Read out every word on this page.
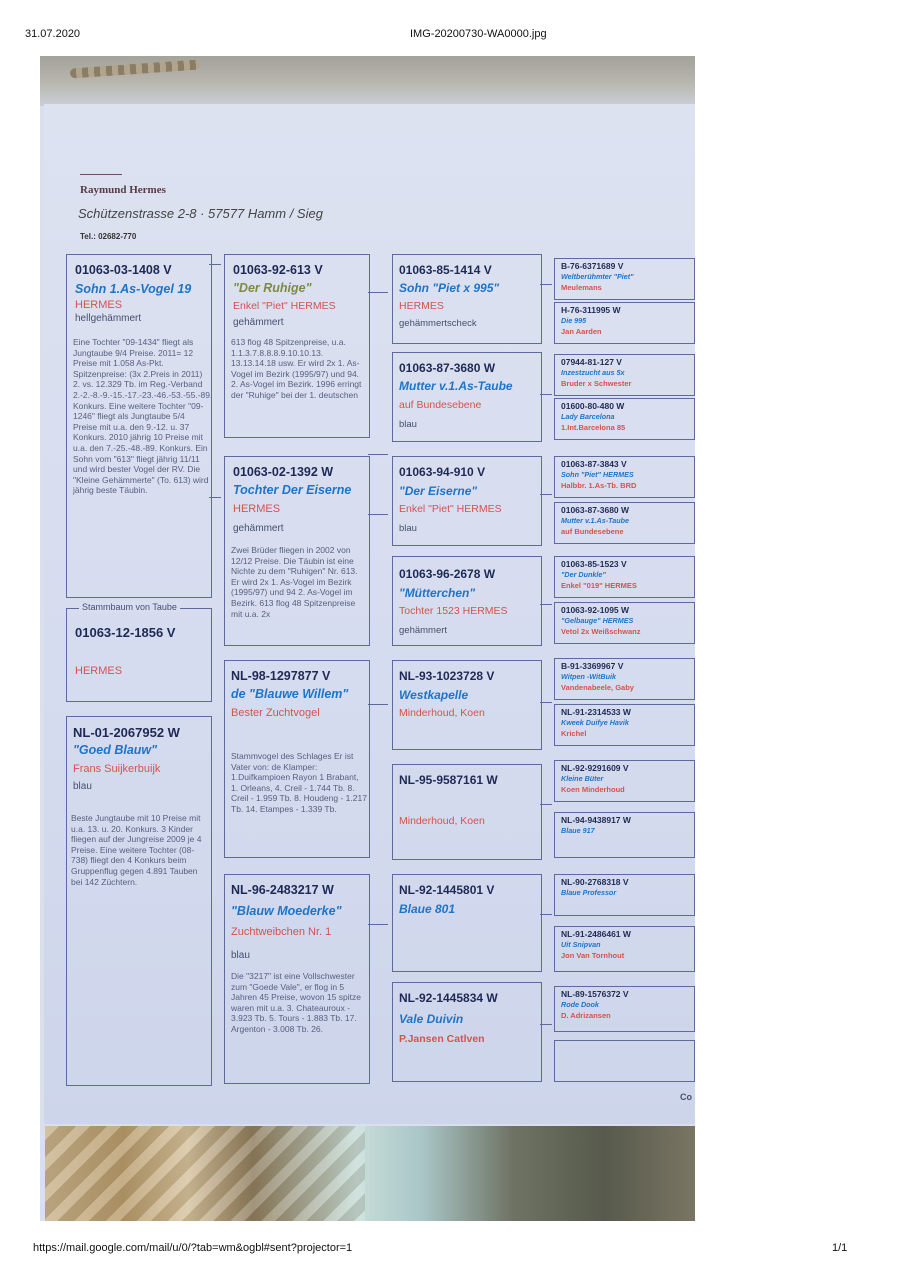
31.07.2020	IMG-20200730-WA0000.jpg
Raymund Hermes
Schützenstrasse 2-8 · 57577 Hamm / Sieg
Tel.: 02682-770
01063-03-1408 V
Sohn 1.As-Vogel 19
HERMES
hellgehämmert
Eine Tochter "09-1434" fliegt als Jungtaube 9/4 Preise. 2011= 12 Preise mit 1.058 As-Pkt. Spitzenpreise: (3x 2.Preis in 2011) 2. vs. 12.329 Tb. im Reg.-Verband 2.-2.-8.-9.-15.-17.-23.-46.-53.-55.-89. Konkurs. Eine weitere Tochter "09-1246" fliegt als Jungtaube 5/4 Preise mit u.a. den 9.-12. u. 37 Konkurs. 2010 jährig 10 Preise mit u.a. den 7.-25.-48.-89. Konkurs. Ein Sohn vom "613" fliegt jährig 11/11 und wird bester Vogel der RV. Die "Kleine Gehämmerte" (To. 613) wird jährig beste Täubin.
Stammbaum von Taube
01063-12-1856 V
HERMES
NL-01-2067952 W
"Goed Blauw"
Frans Suijkerbuijk
blau
Beste Jungtaube mit 10 Preise mit u.a. 13. u. 20. Konkurs. 3 Kinder fliegen auf der Jungreise 2009 je 4 Preise. Eine weitere Tochter (08-738) fliegt den 4 Konkurs beim Gruppenflug gegen 4.891 Tauben bei 142 Züchtern.
01063-92-613 V
"Der Ruhige"
Enkel "Piet" HERMES
gehämmert
613 flog 48 Spitzenpreise, u.a. 1.1.3.7.8.8.8.9.10.10.13. 13.13.14.18 usw. Er wird 2x 1. As-Vogel im Bezirk (1995/97) und 94. 2. As-Vogel im Bezirk. 1996 erringt der "Ruhige" bei der 1. deutschen
01063-02-1392 W
Tochter Der Eiserne
HERMES
gehämmert
Zwei Brüder fliegen in 2002 von 12/12 Preise. Die Täubin ist eine Nichte zu dem "Ruhigen" Nr. 613. Er wird 2x 1. As-Vogel im Bezirk (1995/97) und 94 2. As-Vogel im Bezirk. 613 flog 48 Spitzenpreise mit u.a. 2x
NL-98-1297877 V
de "Blauwe Willem"
Bester Zuchtvogel
Stammvogel des Schlages Er ist Vater von: de Klamper: 1.Duifkampioen Rayon 1 Brabant, 1. Orleans, 4. Creil - 1.744 Tb. 8. Creil - 1.959 Tb. 8. Houdeng - 1.217 Tb. 14. Etampes - 1.339 Tb.
NL-96-2483217 W
"Blauw Moederke"
Zuchtweibchen Nr. 1
blau
Die "3217" ist eine Vollschwester zum "Goede Vale", er flog in 5 Jahren 45 Preise, wovon 15 spitze waren mit u.a. 3. Chateauroux - 3.923 Tb. 5. Tours - 1.883 Tb. 17. Argenton - 3.008 Tb. 26.
01063-85-1414 V
Sohn "Piet x 995"
HERMES
gehämmertscheck
01063-87-3680 W
Mutter v.1.As-Taube
auf Bundesebene
blau
01063-94-910 V
"Der Eiserne"
Enkel "Piet" HERMES
blau
01063-96-2678 W
"Mütterchen"
Tochter 1523 HERMES
gehämmert
NL-93-1023728 V
Westkapelle
Minderhoud, Koen
NL-95-9587161 W
Minderhoud, Koen
NL-92-1445801 V
Blaue 801
NL-92-1445834 W
Vale Duivin
P.Jansen Catlven
B-76-6371689 V
Weltberühmter "Piet"
Meulemans
H-76-311995 W
Die 995
Jan Aarden
07944-81-127 V
Inzestzucht aus 5x
Bruder x Schwester
01600-80-480 W
Lady Barcelona
1.Int.Barcelona 85
01063-87-3843 V
Sohn "Piet" HERMES
Halbbr. 1.As-Tb. BRD
01063-87-3680 W
Mutter v.1.As-Taube
auf Bundesebene
01063-85-1523 V
"Der Dunkle"
Enkel "019" HERMES
01063-92-1095 W
"Gelbauge" HERMES
Vetol 2x Weißschwanz
B-91-3369967 V
Witpen -WitBuik
Vandenabeele, Gaby
NL-91-2314533 W
Kweek Duifye Havik
Krichel
NL-92-9291609 V
Kleine Büter
Koen Minderhoud
NL-94-9438917 W
Blaue 917
NL-90-2768318 V
Blaue Professor
NL-91-2486461 W
Uit Snipvan
Jon Van Tornhout
NL-89-1576372 V
Rode Dook
D. Adrizansen
Co
https://mail.google.com/mail/u/0/?tab=wm&ogbl#sent?projector=1	1/1
